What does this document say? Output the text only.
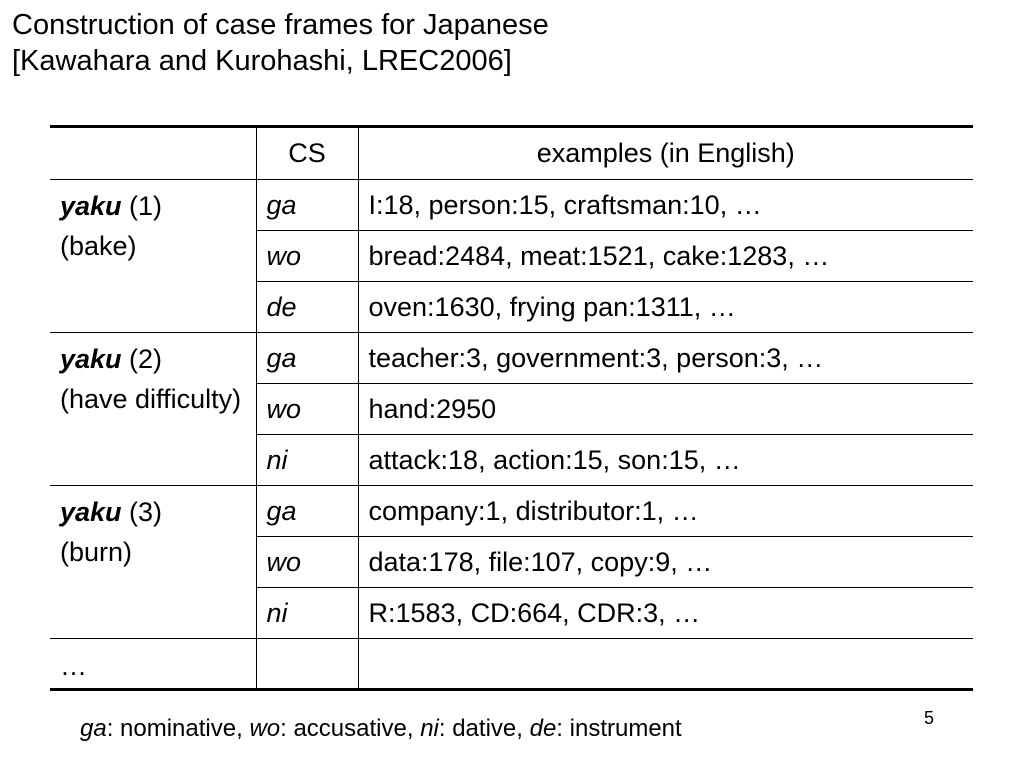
Construction of case frames for Japanese
[Kawahara and Kurohashi, LREC2006]
	CS	examples (in English)
yaku (1)
(bake)	ga	I:18, person:15, craftsman:10, …
	wo	bread:2484, meat:1521, cake:1283, …
	de	oven:1630, frying pan:1311, …
yaku (2)
(have difficulty)	ga	teacher:3, government:3, person:3, …
	wo	hand:2950
	ni	attack:18, action:15, son:15, …
yaku (3)
(burn)	ga	company:1, distributor:1, …
	wo	data:178, file:107, copy:9, …
	ni	R:1583, CD:664, CDR:3, …
…		
5
ga: nominative, wo: accusative, ni: dative, de: instrument
